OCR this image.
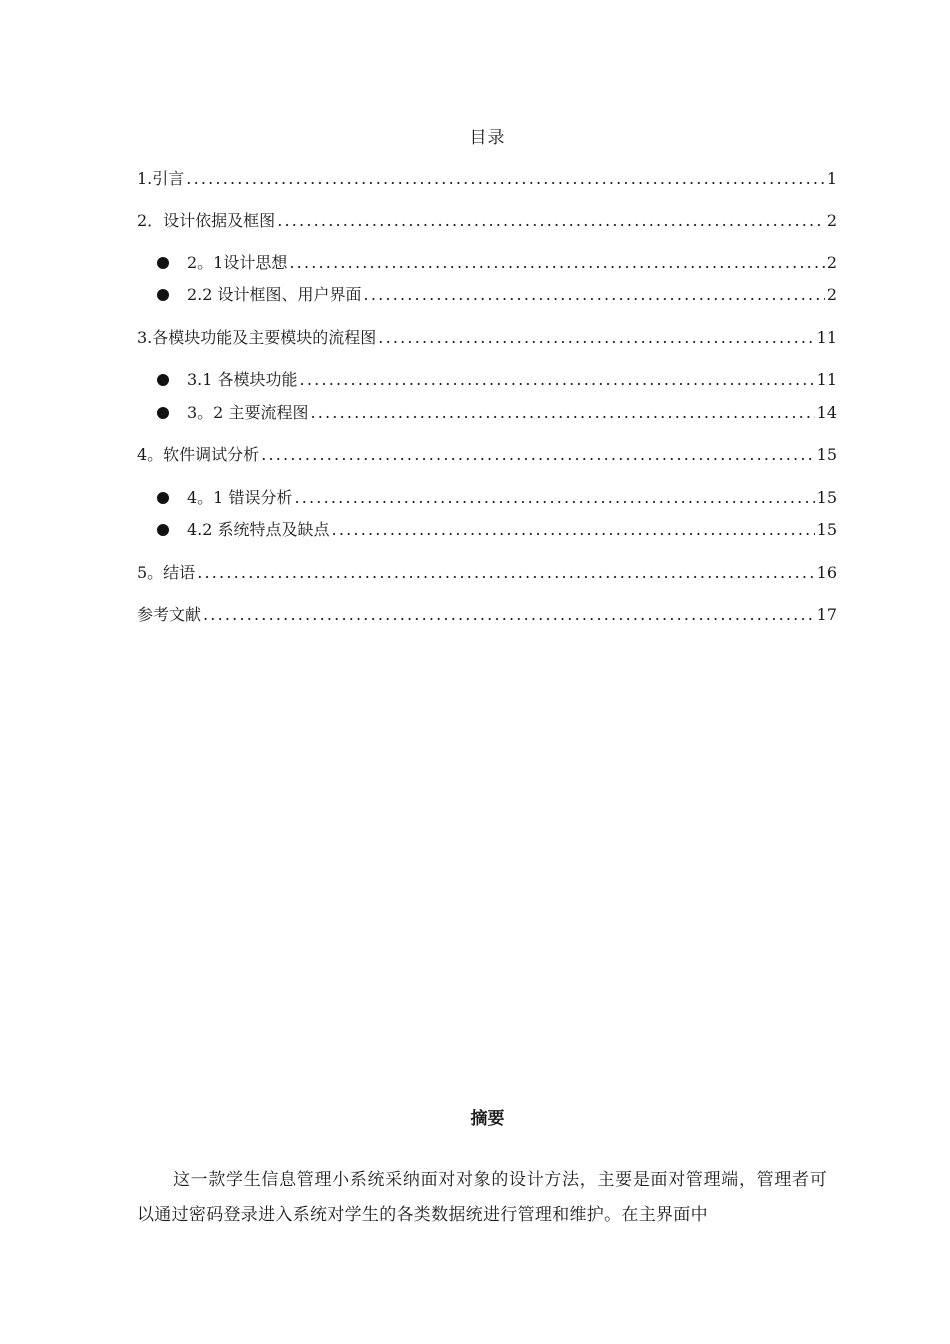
目录
1.引言 .....	1
2．设计依据及框图 .....	2
2。1设计思想 .....	2
2.2 设计框图、用户界面 .....	2
3.各模块功能及主要模块的流程图 .....	11
3.1 各模块功能 .....	11
3。2 主要流程图 .....	14
4。软件调试分析 .....	15
4。1 错误分析 .....	15
4.2 系统特点及缺点 .....	15
5。结语 .....	16
参考文献 .....	17
摘要
这一款学生信息管理小系统采纳面对对象的设计方法，主要是面对管理端，管理者可以通过密码登录进入系统对学生的各类数据统进行管理和维护。在主界面中
